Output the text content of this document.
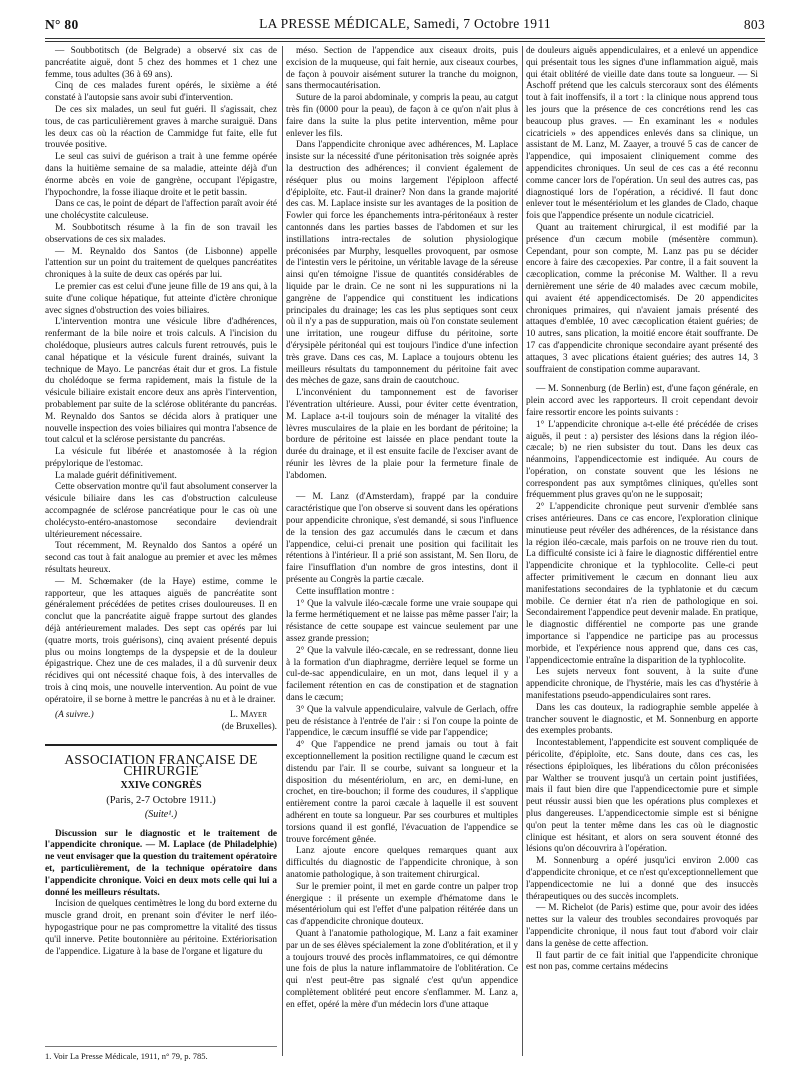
N° 80	LA PRESSE MÉDICALE, Samedi, 7 Octobre 1911	803

— Soubbotitsch (de Belgrade) a observé six cas de pancréatite aiguë, dont 5 chez des hommes et 1 chez une femme, tous adultes (36 à 69 ans).

Cinq de ces malades furent opérés, le sixième a été constaté à l'autopsie sans avoir subi d'intervention.

De ces six malades, un seul fut guéri. Il s'agissait, chez tous, de cas particulièrement graves à marche suraiguë. Dans les deux cas où la réaction de Cammidge fut faite, elle fut trouvée positive.

Le seul cas suivi de guérison a trait à une femme opérée dans la huitième semaine de sa maladie, atteinte déjà d'un énorme abcès en voie de gangrène, occupant l'épigastre, l'hypochondre, la fosse iliaque droite et le petit bassin.

Dans ce cas, le point de départ de l'affection paraît avoir été une cholécystite calculeuse.

M. Soubbotitsch résume à la fin de son travail les observations de ces six malades.

— M. Reynaldo dos Santos (de Lisbonne) appelle l'attention sur un point du traitement de quelques pancréatites chroniques à la suite de deux cas opérés par lui.

Le premier cas est celui d'une jeune fille de 19 ans qui, à la suite d'une colique hépatique, fut atteinte d'ictère chronique avec signes d'obstruction des voies biliaires.

L'intervention montra une vésicule libre d'adhérences, renfermant de la bile noire et trois calculs. A l'incision du cholédoque, plusieurs autres calculs furent retrouvés, puis le canal hépatique et la vésicule furent drainés, suivant la technique de Mayo. Le pancréas était dur et gros. La fistule du cholédoque se ferma rapidement, mais la fistule de la vésicule biliaire existait encore deux ans après l'intervention, probablement par suite de la sclérose oblitérante du pancréas. M. Reynaldo dos Santos se décida alors à pratiquer une nouvelle inspection des voies biliaires qui montra l'absence de tout calcul et la sclérose persistante du pancréas.

La vésicule fut libérée et anastomosée à la région prépylorique de l'estomac.

La malade guérit définitivement.

Cette observation montre qu'il faut absolument conserver la vésicule biliaire dans les cas d'obstruction calculeuse accompagnée de sclérose pancréatique pour le cas où une cholécysto-entéro-anastomose secondaire deviendrait ultérieurement nécessaire.

Tout récemment, M. Reynaldo dos Santos a opéré un second cas tout à fait analogue au premier et avec les mêmes résultats heureux.

— M. Schœmaker (de la Haye) estime, comme le rapporteur, que les attaques aiguës de pancréatite sont généralement précédées de petites crises douloureuses. Il en conclut que la pancréatite aiguë frappe surtout des glandes déjà antérieurement malades. Des sept cas opérés par lui (quatre morts, trois guérisons), cinq avaient présenté depuis plus ou moins longtemps de la dyspepsie et de la douleur épigastrique. Chez une de ces malades, il a dû survenir deux récidives qui ont nécessité chaque fois, à des intervalles de trois à cinq mois, une nouvelle intervention. Au point de vue opératoire, il se borne à mettre le pancréas à nu et à le drainer.

(A suivre.)	L. Mayer
(de Bruxelles).
ASSOCIATION FRANÇAISE DE CHIRURGIE
XXIVe CONGRÈS
(Paris, 2-7 Octobre 1911.)
(Suite¹.)

Discussion sur le diagnostic et le traitement de l'appendicite chronique. — M. Laplace (de Philadelphie) ne veut envisager que la question du traitement opératoire et, particulièrement, de la technique opératoire dans l'appendicite chronique. Voici en deux mots celle qui lui a donné les meilleurs résultats.

Incision de quelques centimètres le long du bord externe du muscle grand droit, en prenant soin d'éviter le nerf iléo-hypogastrique pour ne pas compromettre la vitalité des tissus qu'il innerve. Petite boutonnière au péritoine. Extériorisation de l'appendice. Ligature à la base de l'organe et ligature du

1. Voir La Presse Médicale, 1911, n° 79, p. 785.

méso. Section de l'appendice aux ciseaux droits, puis excision de la muqueuse, qui fait hernie, aux ciseaux courbes, de façon à pouvoir aisément suturer la tranche du moignon, sans thermocautérisation.

Suture de la paroi abdominale, y compris la peau, au catgut très fin (0000 pour la peau), de façon à ce qu'on n'ait plus à faire dans la suite la plus petite intervention, même pour enlever les fils.

Dans l'appendicite chronique avec adhérences, M. Laplace insiste sur la nécessité d'une péritonisation très soignée après la destruction des adhérences; il convient également de réséquer plus ou moins largement l'épiploon affecté d'épiploïte, etc. Faut-il drainer? Non dans la grande majorité des cas. M. Laplace insiste sur les avantages de la position de Fowler qui force les épanchements intra-péritonéaux à rester cantonnés dans les parties basses de l'abdomen et sur les instillations intra-rectales de solution physiologique préconisées par Murphy, lesquelles provoquent, par osmose de l'intestin vers le péritoine, un véritable lavage de la séreuse ainsi qu'en témoigne l'issue de quantités considérables de liquide par le drain. Ce ne sont ni les suppurations ni la gangrène de l'appendice qui constituent les indications principales du drainage; les cas les plus septiques sont ceux où il n'y a pas de suppuration, mais où l'on constate seulement une irritation, une rougeur diffuse du péritoine, sorte d'érysipèle péritonéal qui est toujours l'indice d'une infection très grave. Dans ces cas, M. Laplace a toujours obtenu les meilleurs résultats du tamponnement du péritoine fait avec des mèches de gaze, sans drain de caoutchouc.

L'inconvénient du tamponnement est de favoriser l'éventration ultérieure. Aussi, pour éviter cette éventration, M. Laplace a-t-il toujours soin de ménager la vitalité des lèvres musculaires de la plaie en les bordant de péritoine; la bordure de péritoine est laissée en place pendant toute la durée du drainage, et il est ensuite facile de l'exciser avant de réunir les lèvres de la plaie pour la fermeture finale de l'abdomen.

— M. Lanz (d'Amsterdam), frappé par la conduire caractéristique que l'on observe si souvent dans les opérations pour appendicite chronique, s'est demandé, si sous l'influence de la tension des gaz accumulés dans le cæcum et dans l'appendice, celui-ci prenait une position qui facilitait les rétentions à l'intérieur. Il a prié son assistant, M. Sen Iloru, de faire l'insufflation d'un nombre de gros intestins, dont il présente au Congrès la partie cæcale.

Cette insufflation montre :

1° Que la valvule iléo-cæcale forme une vraie soupape qui la ferme hermétiquement et ne laisse pas même passer l'air; la résistance de cette soupape est vaincue seulement par une assez grande pression;

2° Que la valvule iléo-cæcale, en se redressant, donne lieu à la formation d'un diaphragme, derrière lequel se forme un cul-de-sac appendiculaire, en un mot, dans lequel il y a facilement rétention en cas de constipation et de stagnation dans le cæcum;

3° Que la valvule appendiculaire, valvule de Gerlach, offre peu de résistance à l'entrée de l'air : si l'on coupe la pointe de l'appendice, le cæcum insufflé se vide par l'appendice;

4° Que l'appendice ne prend jamais ou tout à fait exceptionnellement la position rectiligne quand le cæcum est distendu par l'air. Il se courbe, suivant sa longueur et la disposition du mésentériolum, en arc, en demi-lune, en crochet, en tire-bouchon; il forme des coudures, il s'applique entièrement contre la paroi cæcale à laquelle il est souvent adhérent en toute sa longueur. Par ses courbures et multiples torsions quand il est gonflé, l'évacuation de l'appendice se trouve forcément gênée.

Lanz ajoute encore quelques remarques quant aux difficultés du diagnostic de l'appendicite chronique, à son anatomie pathologique, à son traitement chirurgical.

Sur le premier point, il met en garde contre un palper trop énergique : il présente un exemple d'hématome dans le mésentériolum qui est l'effet d'une palpation réitérée dans un cas d'appendicite chronique douteux.

Quant à l'anatomie pathologique, M. Lanz a fait examiner par un de ses élèves spécialement la zone d'oblitération, et il y a toujours trouvé des procès inflammatoires, ce qui démontre une fois de plus la nature inflammatoire de l'oblitération. Ce qui n'est peut-être pas signalé c'est qu'un appendice complètement oblitéré peut encore s'enflammer. M. Lanz a, en effet, opéré la mère d'un médecin lors d'une attaque

de douleurs aiguës appendiculaires, et a enlevé un appendice qui présentait tous les signes d'une inflammation aiguë, mais qui était oblitéré de vieille date dans toute sa longueur. — Si Aschoff prétend que les calculs stercoraux sont des éléments tout à fait inoffensifs, il a tort : la clinique nous apprend tous les jours que la présence de ces concrétions rend les cas beaucoup plus graves. — En examinant les « nodules cicatriciels » des appendices enlevés dans sa clinique, un assistant de M. Lanz, M. Zaayer, a trouvé 5 cas de cancer de l'appendice, qui imposaient cliniquement comme des appendicites chroniques. Un seul de ces cas a été reconnu comme cancer lors de l'opération. Un seul des autres cas, pas diagnostiqué lors de l'opération, a récidivé. Il faut donc enlever tout le mésentériolum et les glandes de Clado, chaque fois que l'appendice présente un nodule cicatriciel.

Quant au traitement chirurgical, il est modifié par la présence d'un cæcum mobile (mésentère commun). Cependant, pour son compte, M. Lanz pas pu se décider encore à faire des cæcopexies. Par contre, il a fait souvent la cæcoplication, comme la préconise M. Walther. Il a revu dernièrement une série de 40 malades avec cæcum mobile, qui avaient été appendicectomisés. De 20 appendicites chroniques primaires, qui n'avaient jamais présenté des attaques d'emblée, 10 avec cæcoplication étaient guéries; de 10 autres, sans plication, la moitié encore était souffrante. De 17 cas d'appendicite chronique secondaire ayant présenté des attaques, 3 avec plications étaient guéries; des autres 14, 3 souffraient de constipation comme auparavant.

— M. Sonnenburg (de Berlin) est, d'une façon générale, en plein accord avec les rapporteurs. Il croit cependant devoir faire ressortir encore les points suivants :

1° L'appendicite chronique a-t-elle été précédée de crises aiguës, il peut : a) persister des lésions dans la région iléo-cæcale; b) ne rien subsister du tout. Dans les deux cas néanmoins, l'appendicectomie est indiquée. Au cours de l'opération, on constate souvent que les lésions ne correspondent pas aux symptômes cliniques, qu'elles sont fréquemment plus graves qu'on ne le supposait;

2° L'appendicite chronique peut survenir d'emblée sans crises antérieures. Dans ce cas encore, l'exploration clinique minutieuse peut révéler des adhérences, de la résistance dans la région iléo-cæcale, mais parfois on ne trouve rien du tout. La difficulté consiste ici à faire le diagnostic différentiel entre l'appendicite chronique et la typhlocolite. Celle-ci peut affecter primitivement le cæcum en donnant lieu aux manifestations secondaires de la typhlatonie et du cæcum mobile. Ce dernier état n'a rien de pathologique en soi. Secondairement l'appendice peut devenir malade. En pratique, le diagnostic différentiel ne comporte pas une grande importance si l'appendice ne participe pas au processus morbide, et l'expérience nous apprend que, dans ces cas, l'appendicectomie entraîne la disparition de la typhlocolite.

Les sujets nerveux font souvent, à la suite d'une appendicite chronique, de l'hystérie, mais les cas d'hystérie à manifestations pseudo-appendiculaires sont rares.

Dans les cas douteux, la radiographie semble appelée à trancher souvent le diagnostic, et M. Sonnenburg en apporte des exemples probants.

Incontestablement, l'appendicite est souvent compliquée de péricolite, d'épiploïte, etc. Sans doute, dans ces cas, les résections épiploïques, les libérations du côlon préconisées par Walther se trouvent jusqu'à un certain point justifiées, mais il faut bien dire que l'appendicectomie pure et simple peut réussir aussi bien que les opérations plus complexes et plus dangereuses. L'appendicectomie simple est si bénigne qu'on peut la tenter même dans les cas où le diagnostic clinique est hésitant, et alors on sera souvent étonné des lésions qu'on découvrira à l'opération.

M. Sonnenburg a opéré jusqu'ici environ 2.000 cas d'appendicite chronique, et ce n'est qu'exceptionnellement que l'appendicectomie ne lui a donné que des insuccès thérapeutiques ou des succès incomplets.

— M. Richelot (de Paris) estime que, pour avoir des idées nettes sur la valeur des troubles secondaires provoqués par l'appendicite chronique, il nous faut tout d'abord voir clair dans la genèse de cette affection.

Il faut partir de ce fait initial que l'appendicite chronique est non pas, comme certains médecins
